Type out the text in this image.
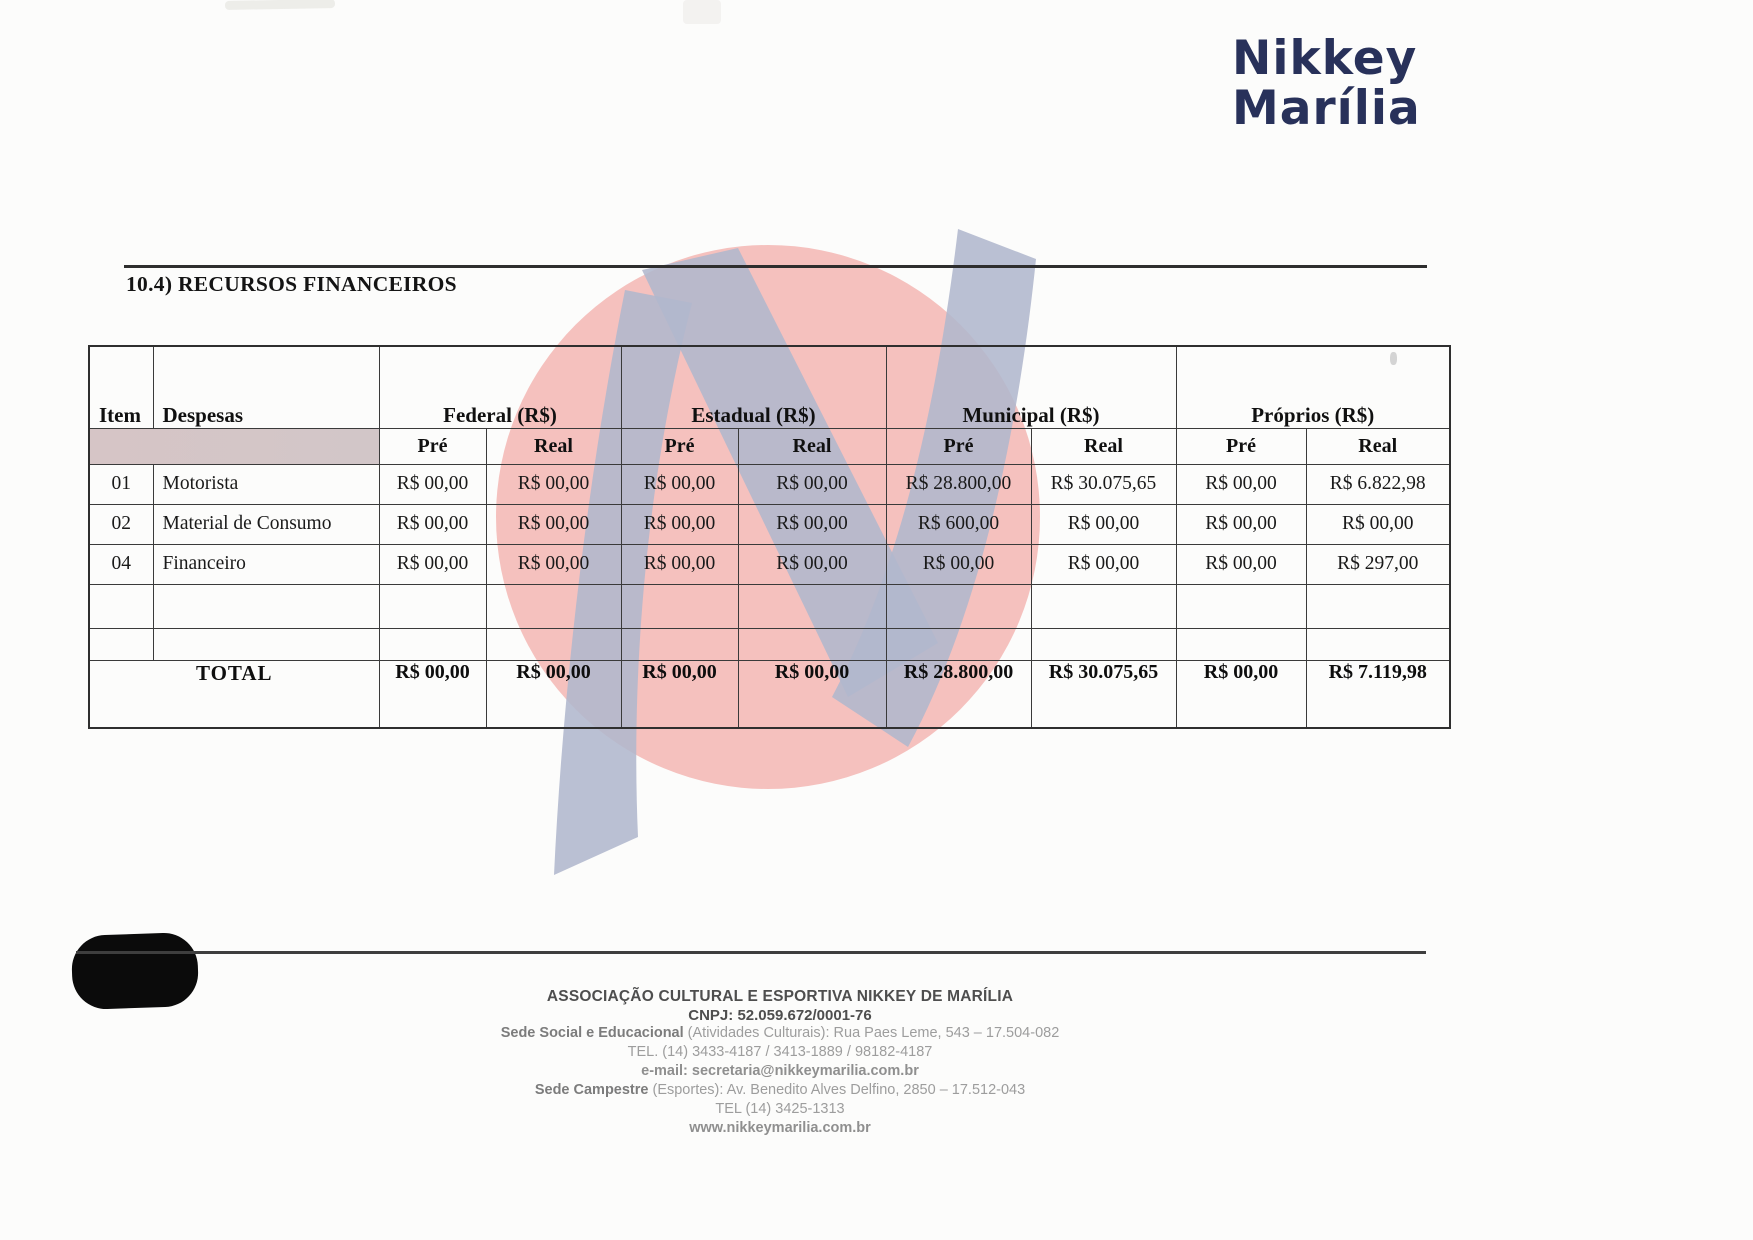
Nikkey
Marília
10.4) RECURSOS FINANCEIROS
Item	Despesas	Federal (R$)		Estadual (R$)		Municipal (R$)		Próprios (R$)	
		Pré	Real	Pré	Real	Pré	Real	Pré	Real
01	Motorista	R$ 00,00	R$ 00,00	R$ 00,00	R$ 00,00	R$ 28.800,00	R$ 30.075,65	R$ 00,00	R$ 6.822,98
02	Material de Consumo	R$ 00,00	R$ 00,00	R$ 00,00	R$ 00,00	R$ 600,00	R$ 00,00	R$ 00,00	R$ 00,00
04	Financeiro	R$ 00,00	R$ 00,00	R$ 00,00	R$ 00,00	R$ 00,00	R$ 00,00	R$ 00,00	R$ 297,00

TOTAL		R$ 00,00	R$ 00,00	R$ 00,00	R$ 00,00	R$ 28.800,00	R$ 30.075,65	R$ 00,00	R$ 7.119,98
ASSOCIAÇÃO CULTURAL E ESPORTIVA NIKKEY DE MARÍLIA
CNPJ: 52.059.672/0001-76
Sede Social e Educacional (Atividades Culturais): Rua Paes Leme, 543 – 17.504-082
TEL. (14) 3433-4187 / 3413-1889 / 98182-4187
e-mail: secretaria@nikkeymarilia.com.br
Sede Campestre (Esportes): Av. Benedito Alves Delfino, 2850 – 17.512-043
TEL (14) 3425-1313
www.nikkeymarilia.com.br
